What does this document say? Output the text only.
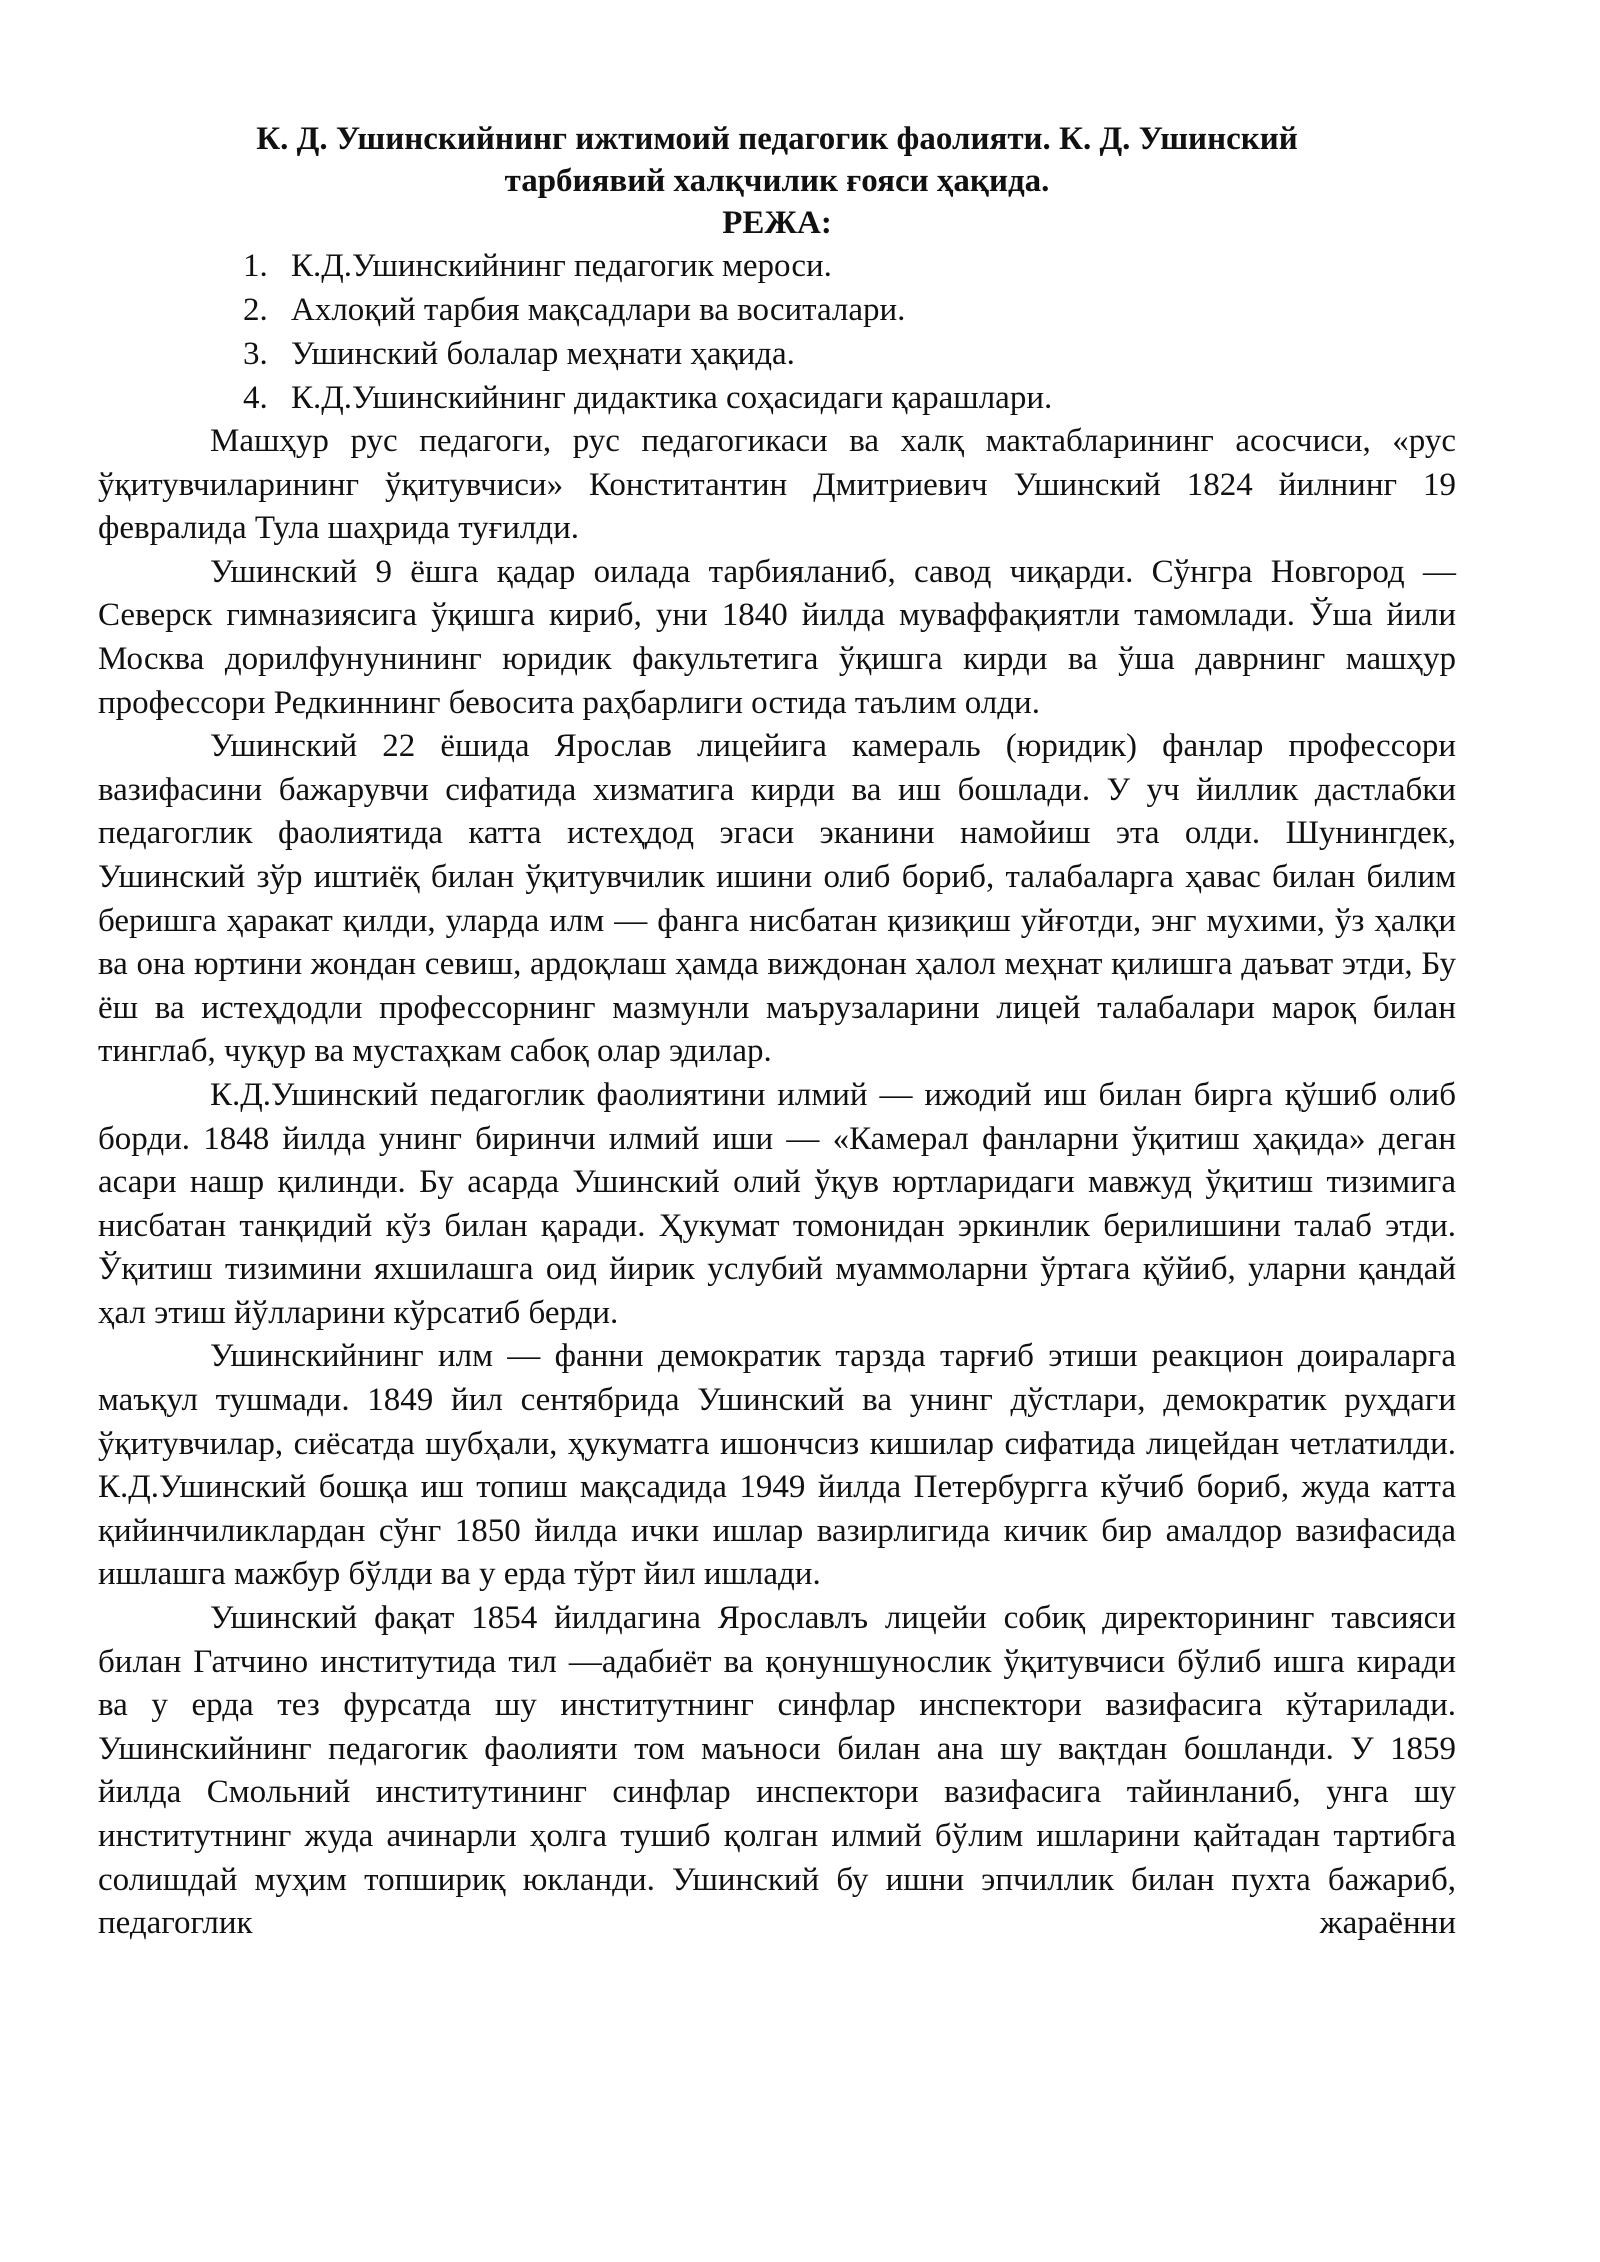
К. Д. Ушинскийнинг ижтимоий педагогик фаолияти. К. Д. Ушинский
тарбиявий халқчилик ғояси ҳақида.
РЕЖА:
1. К.Д.Ушинскийнинг педагогик мероси.
2. Ахлоқий тарбия мақсадлари ва воситалари.
3. Ушинский болалар меҳнати ҳақида.
4. К.Д.Ушинскийнинг дидактика соҳасидаги қарашлари.

Машҳур рус педагоги, рус педагогикаси ва халқ мактабларининг асосчиси, «рус ўқитувчиларининг ўқитувчиси» Конститантин Дмитриевич Ушинский 1824 йилнинг 19 февралида Тула шаҳрида туғилди.

Ушинский 9 ёшга қадар оилада тарбияланиб, савод чиқарди. Сўнгра Новгород —Северск гимназиясига ўқишга кириб, уни 1840 йилда муваффақиятли тамомлади. Ўша йили Москва дорилфунунининг юридик факультетига ўқишга кирди ва ўша даврнинг машҳур профессори Редкиннинг бевосита раҳбарлиги остида таълим олди.

Ушинский 22 ёшида Ярослав лицейига камераль (юридик) фанлар профессори вазифасини бажарувчи сифатида хизматига кирди ва иш бошлади. У уч йиллик дастлабки педагоглик фаолиятида катта истеҳдод эгаси эканини намойиш эта олди. Шунингдек, Ушинский зўр иштиёқ билан ўқитувчилик ишини олиб бориб, талабаларга ҳавас билан билим беришга ҳаракат қилди, уларда илм — фанга нисбатан қизиқиш уйғотди, энг мухими, ўз ҳалқи ва она юртини жондан севиш, ардоқлаш ҳамда виждонан ҳалол меҳнат қилишга даъват этди, Бу ёш ва истеҳдодли профессорнинг мазмунли маърузаларини лицей талабалари мароқ билан тинглаб, чуқур ва мустаҳкам сабоқ олар эдилар.

К.Д.Ушинский педагоглик фаолиятини илмий — ижодий иш билан бирга қўшиб олиб борди. 1848 йилда унинг биринчи илмий иши — «Камерал фанларни ўқитиш ҳақида» деган асари нашр қилинди. Бу асарда Ушинский олий ўқув юртларидаги мавжуд ўқитиш тизимига нисбатан танқидий кўз билан қаради. Ҳукумат томонидан эркинлик берилишини талаб этди. Ўқитиш тизимини яхшилашга оид йирик услубий муаммоларни ўртага қўйиб, уларни қандай ҳал этиш йўлларини кўрсатиб берди.

Ушинскийнинг илм — фанни демократик тарзда тарғиб этиши реакцион доираларга маъқул тушмади. 1849 йил сентябрида Ушинский ва унинг дўстлари, демократик руҳдаги ўқитувчилар, сиёсатда шубҳали, ҳукуматга ишончсиз кишилар сифатида лицейдан четлатилди. К.Д.Ушинский бошқа иш топиш мақсадида 1949 йилда Петербургга кўчиб бориб, жуда катта қийинчиликлардан сўнг 1850 йилда ички ишлар вазирлигида кичик бир амалдор вазифасида ишлашга мажбур бўлди ва у ерда тўрт йил ишлади.

Ушинский фақат 1854 йилдагина Ярославлъ лицейи собиқ директорининг тавсияси билан Гатчино институтида тил —адабиёт ва қонуншунослик ўқитувчиси бўлиб ишга киради ва у ерда тез фурсатда шу институтнинг синфлар инспектори вазифасига кўтарилади. Ушинскийнинг педагогик фаолияти том маъноси билан ана шу вақтдан бошланди. У 1859 йилда Смольний институтининг синфлар инспектори вазифасига тайинланиб, унга шу институтнинг жуда ачинарли ҳолга тушиб қолган илмий бўлим ишларини қайтадан тартибга солишдай муҳим топшириқ юкланди. Ушинский бу ишни эпчиллик билан пухта бажариб, педагоглик жараённи
